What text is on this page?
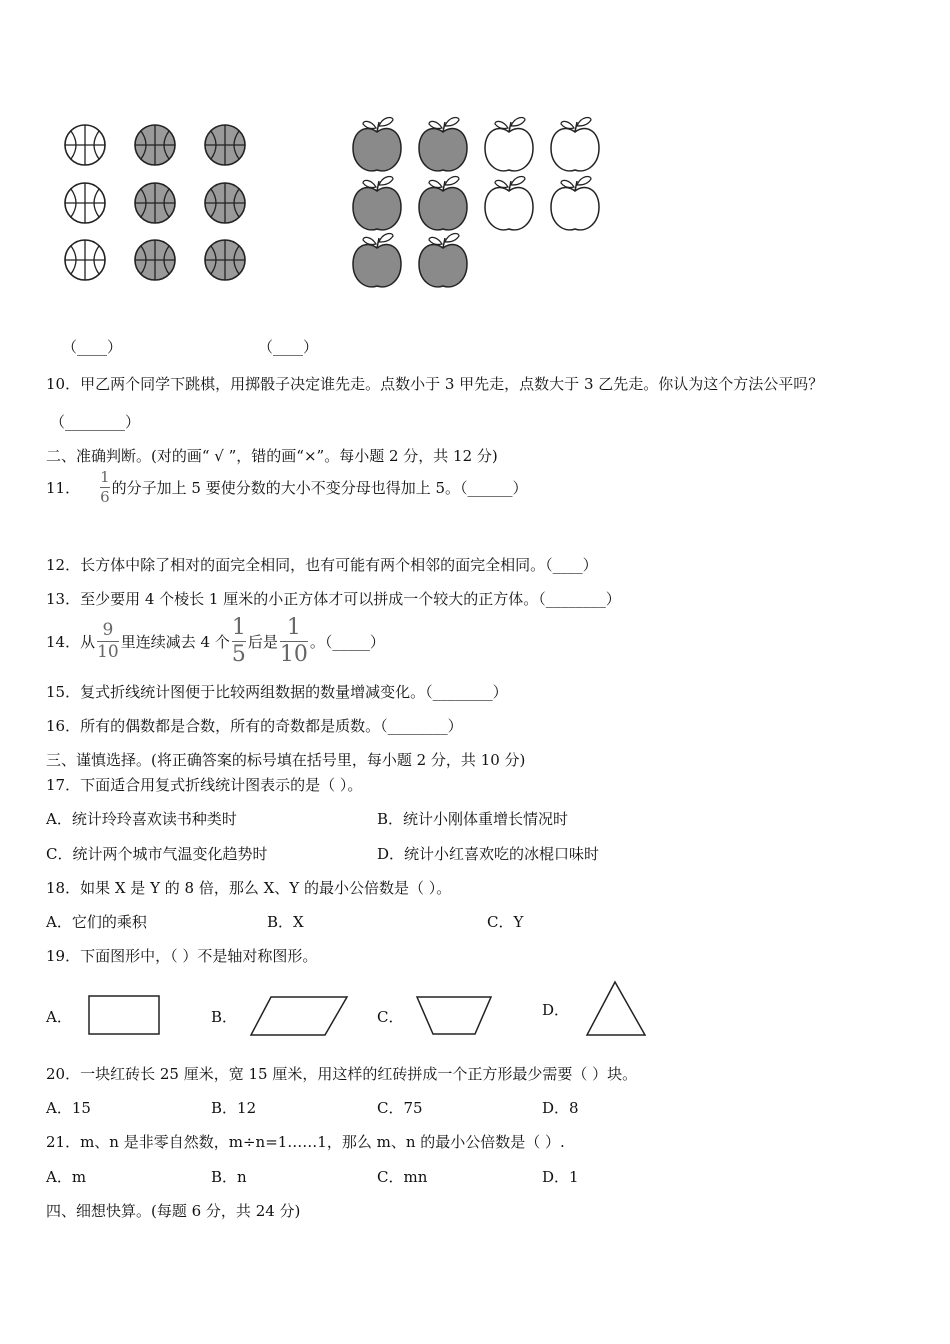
（____）	（____）
10．甲乙两个同学下跳棋，用掷骰子决定谁先走。点数小于 3 甲先走，点数大于 3 乙先走。你认为这个方法公平吗？
（________）
二、准确判断。(对的画“ √ ”，错的画“×”。每小题 2 分，共 12 分)
11． $\frac{1}{6}$ 的分子加上 5 要使分数的大小不变分母也得加上 5。（______）
12．长方体中除了相对的面完全相同，也有可能有两个相邻的面完全相同。（____）
13．至少要用 4 个棱长 1 厘米的小正方体才可以拼成一个较大的正方体。（________）
14．从 $\frac{9}{10}$ 里连续减去 4 个 $\frac{1}{5}$ 后是 $\frac{1}{10}$ 。（_____）
15．复式折线统计图便于比较两组数据的数量增减变化。（________）
16．所有的偶数都是合数，所有的奇数都是质数。（________）
三、谨慎选择。(将正确答案的标号填在括号里，每小题 2 分，共 10 分)
17．下面适合用复式折线统计图表示的是（ ）。
A．统计玲玲喜欢读书种类时	B．统计小刚体重增长情况时
C．统计两个城市气温变化趋势时	D．统计小红喜欢吃的冰棍口味时
18．如果 X 是 Y 的 8 倍，那么 X、Y 的最小公倍数是（ ）。
A．它们的乘积	B．X	C．Y
19．下面图形中，（ ）不是轴对称图形。
A．	B．	C．	D．
20．一块红砖长 25 厘米，宽 15 厘米，用这样的红砖拼成一个正方形最少需要（ ）块。
A．15	B．12	C．75	D．8
21．m、n 是非零自然数，m÷n=1……1，那么 m、n 的最小公倍数是（ ）.
A．m	B．n	C．mn	D．1
四、细想快算。(每题 6 分，共 24 分)
